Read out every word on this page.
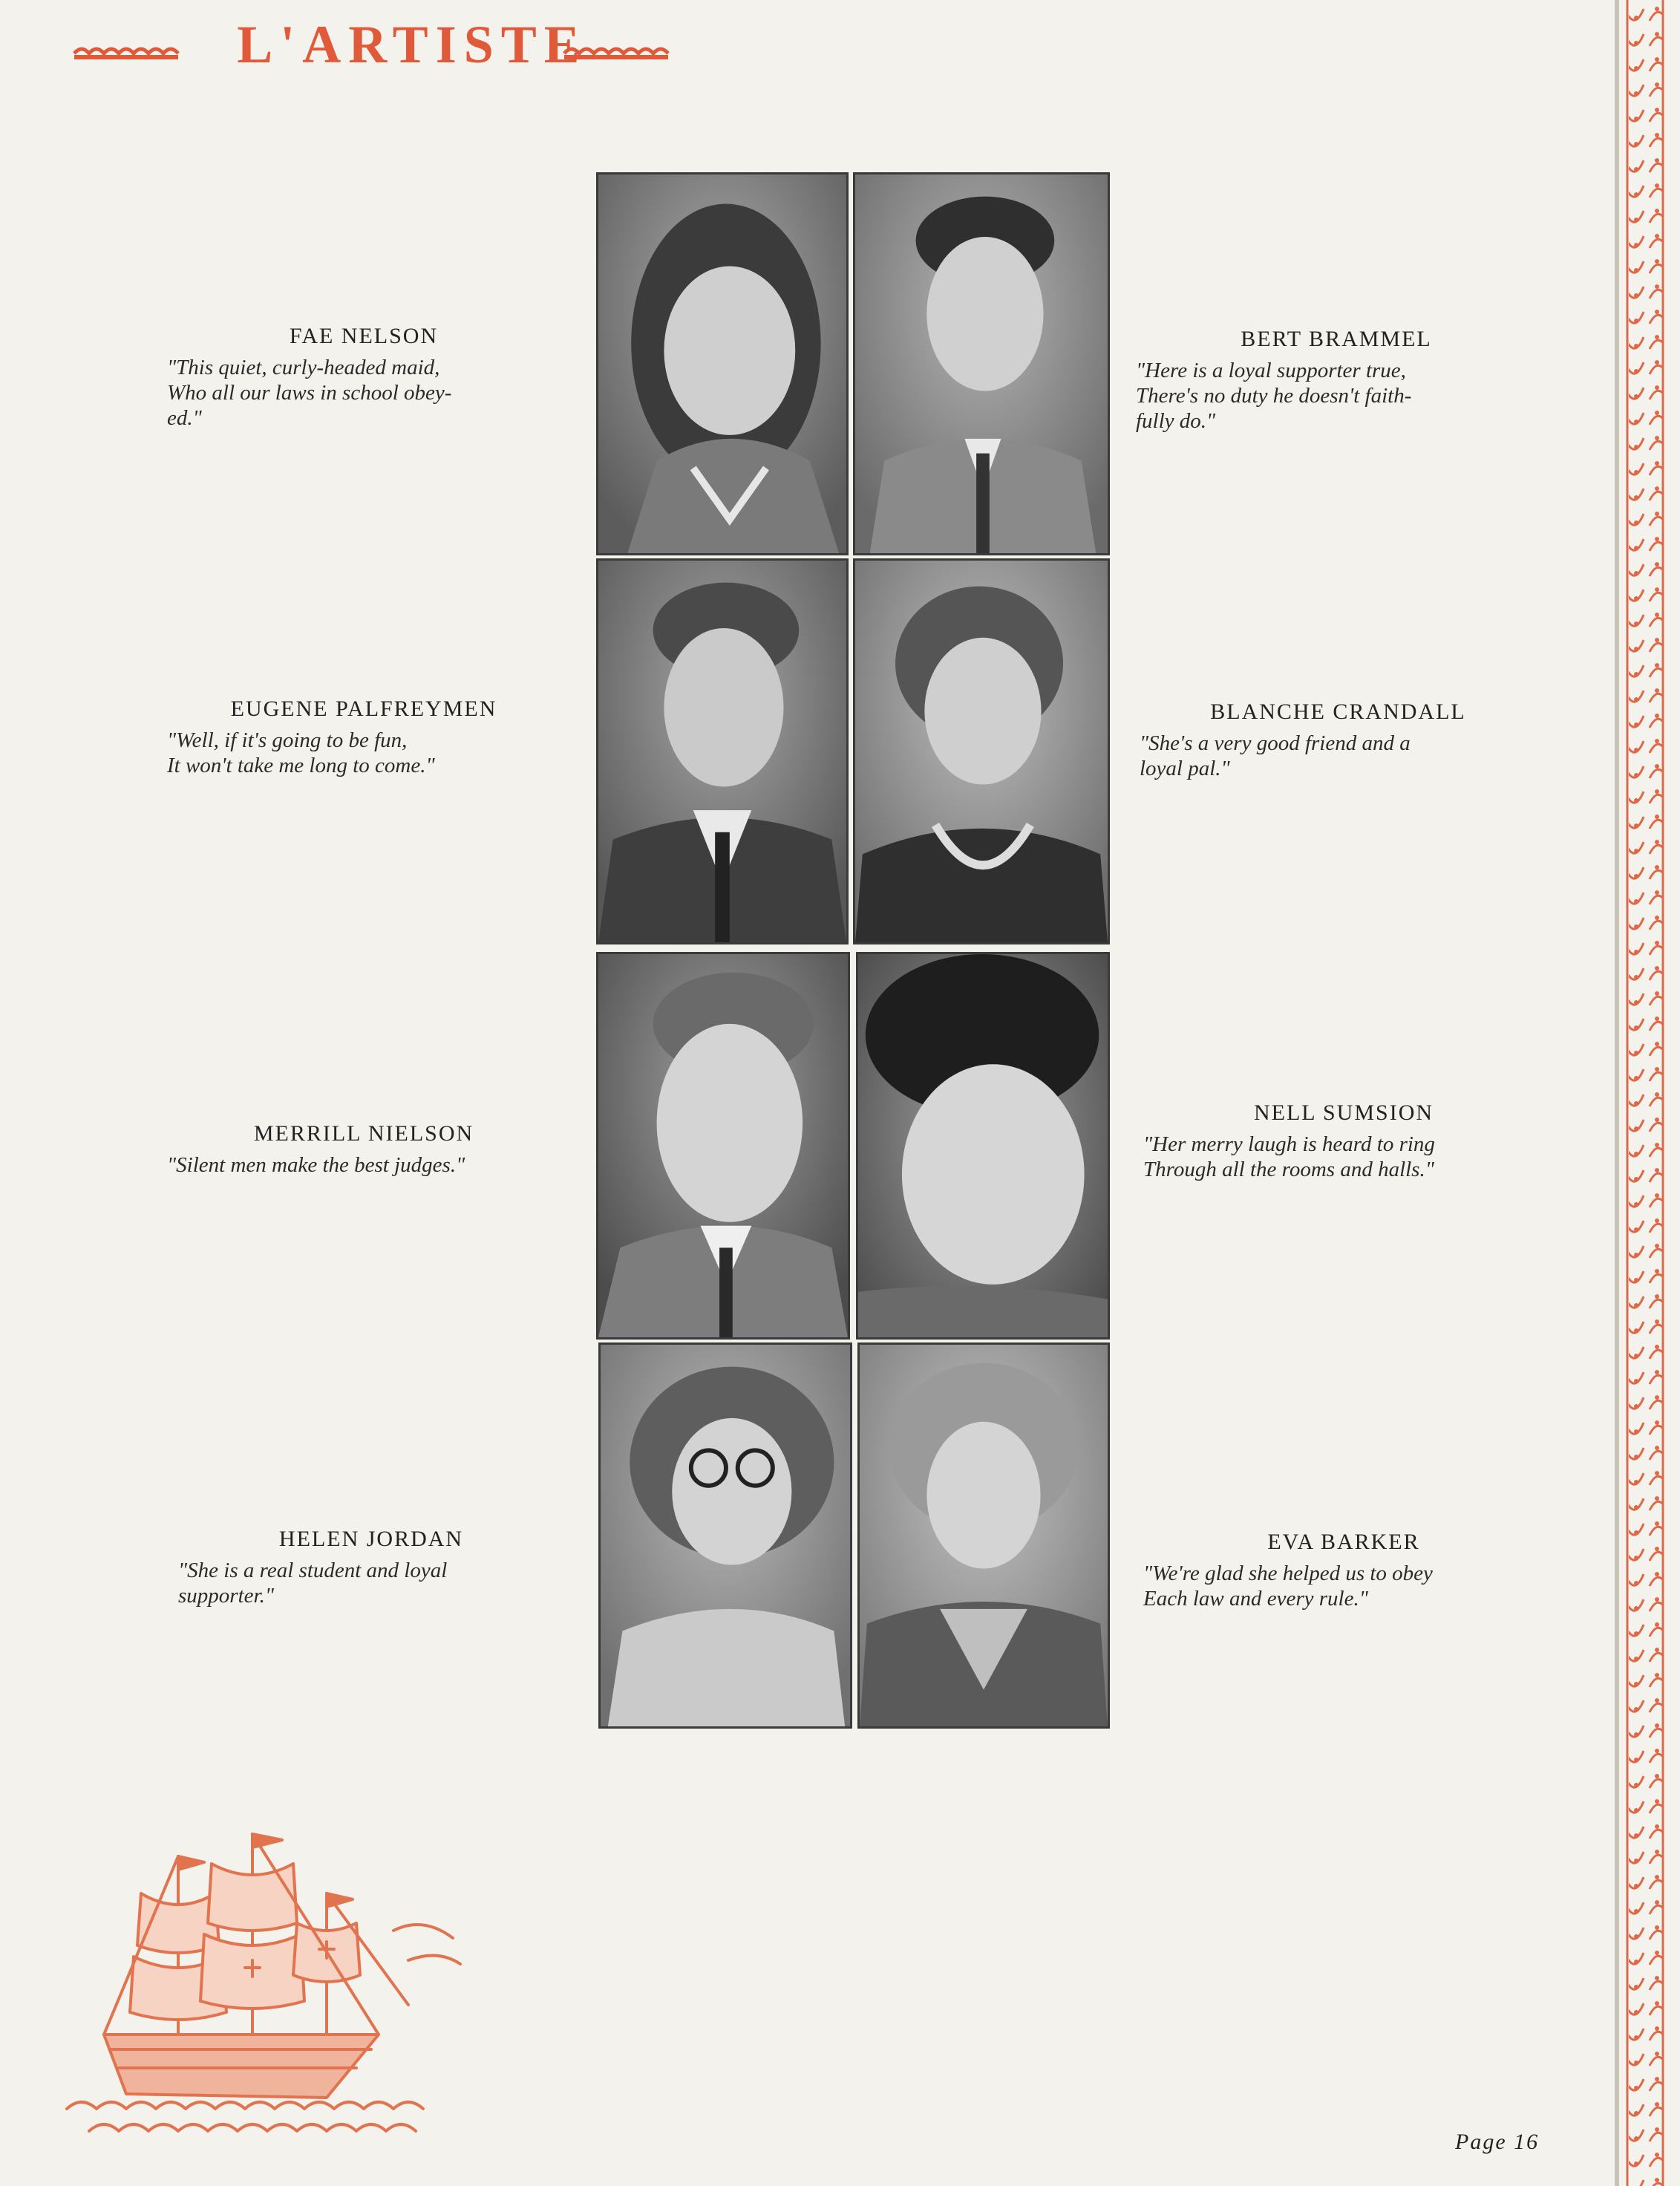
L'ARTISTE

FAE NELSON

"This quiet, curly-headed maid,
Who all our laws in school obey-
ed."

BERT BRAMMEL

"Here is a loyal supporter true,
There's no duty he doesn't faith-
fully do."

EUGENE PALFREYMEN

"Well, if it's going to be fun,
It won't take me long to come."

BLANCHE CRANDALL

"She's a very good friend and a
loyal pal."

MERRILL NIELSON

"Silent men make the best judges."

NELL SUMSION

"Her merry laugh is heard to ring
Through all the rooms and halls."

HELEN JORDAN

"She is a real student and loyal
supporter."

EVA BARKER

"We're glad she helped us to obey
Each law and every rule."

Page 16
